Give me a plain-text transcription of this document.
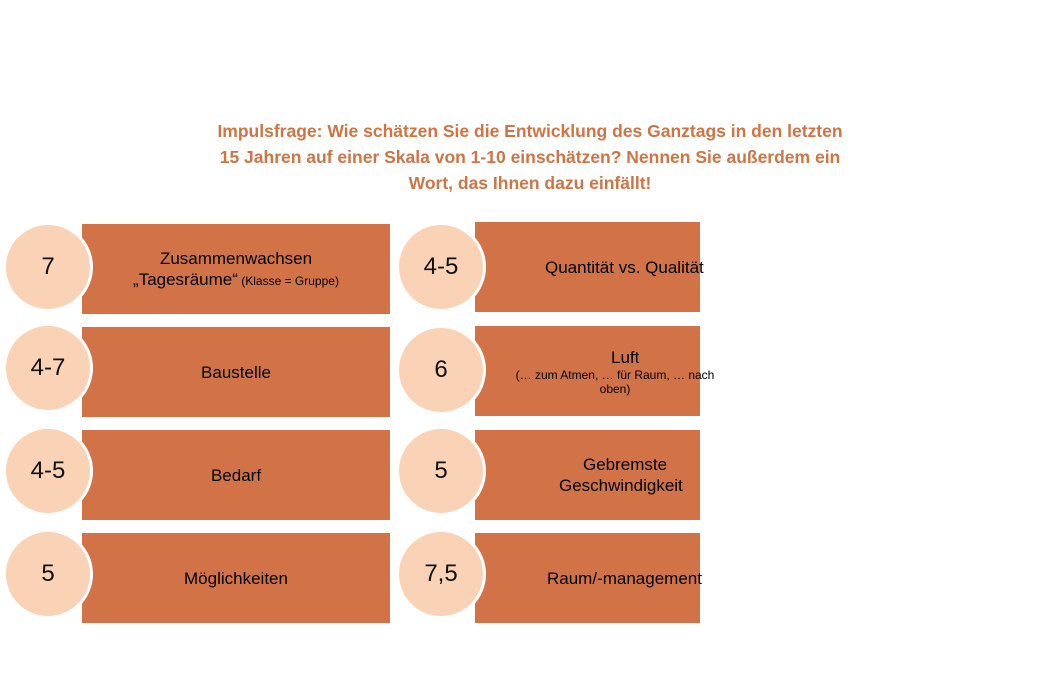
Impulsfrage: Wie schätzen Sie die Entwicklung des Ganztags in den letzten
15 Jahren auf einer Skala von 1-10 einschätzen? Nennen Sie außerdem ein
Wort, das Ihnen dazu einfällt!
Zusammenwachsen
„Tagesräume“ (Klasse = Gruppe)
7
Baustelle
4-7
Bedarf
4-5
Möglichkeiten
5
Quantität vs. Qualität
4-5
Luft
(… zum Atmen, … für Raum, … nach oben)
6
Gebremste
Geschwindigkeit
5
Raum/-management
7,5
